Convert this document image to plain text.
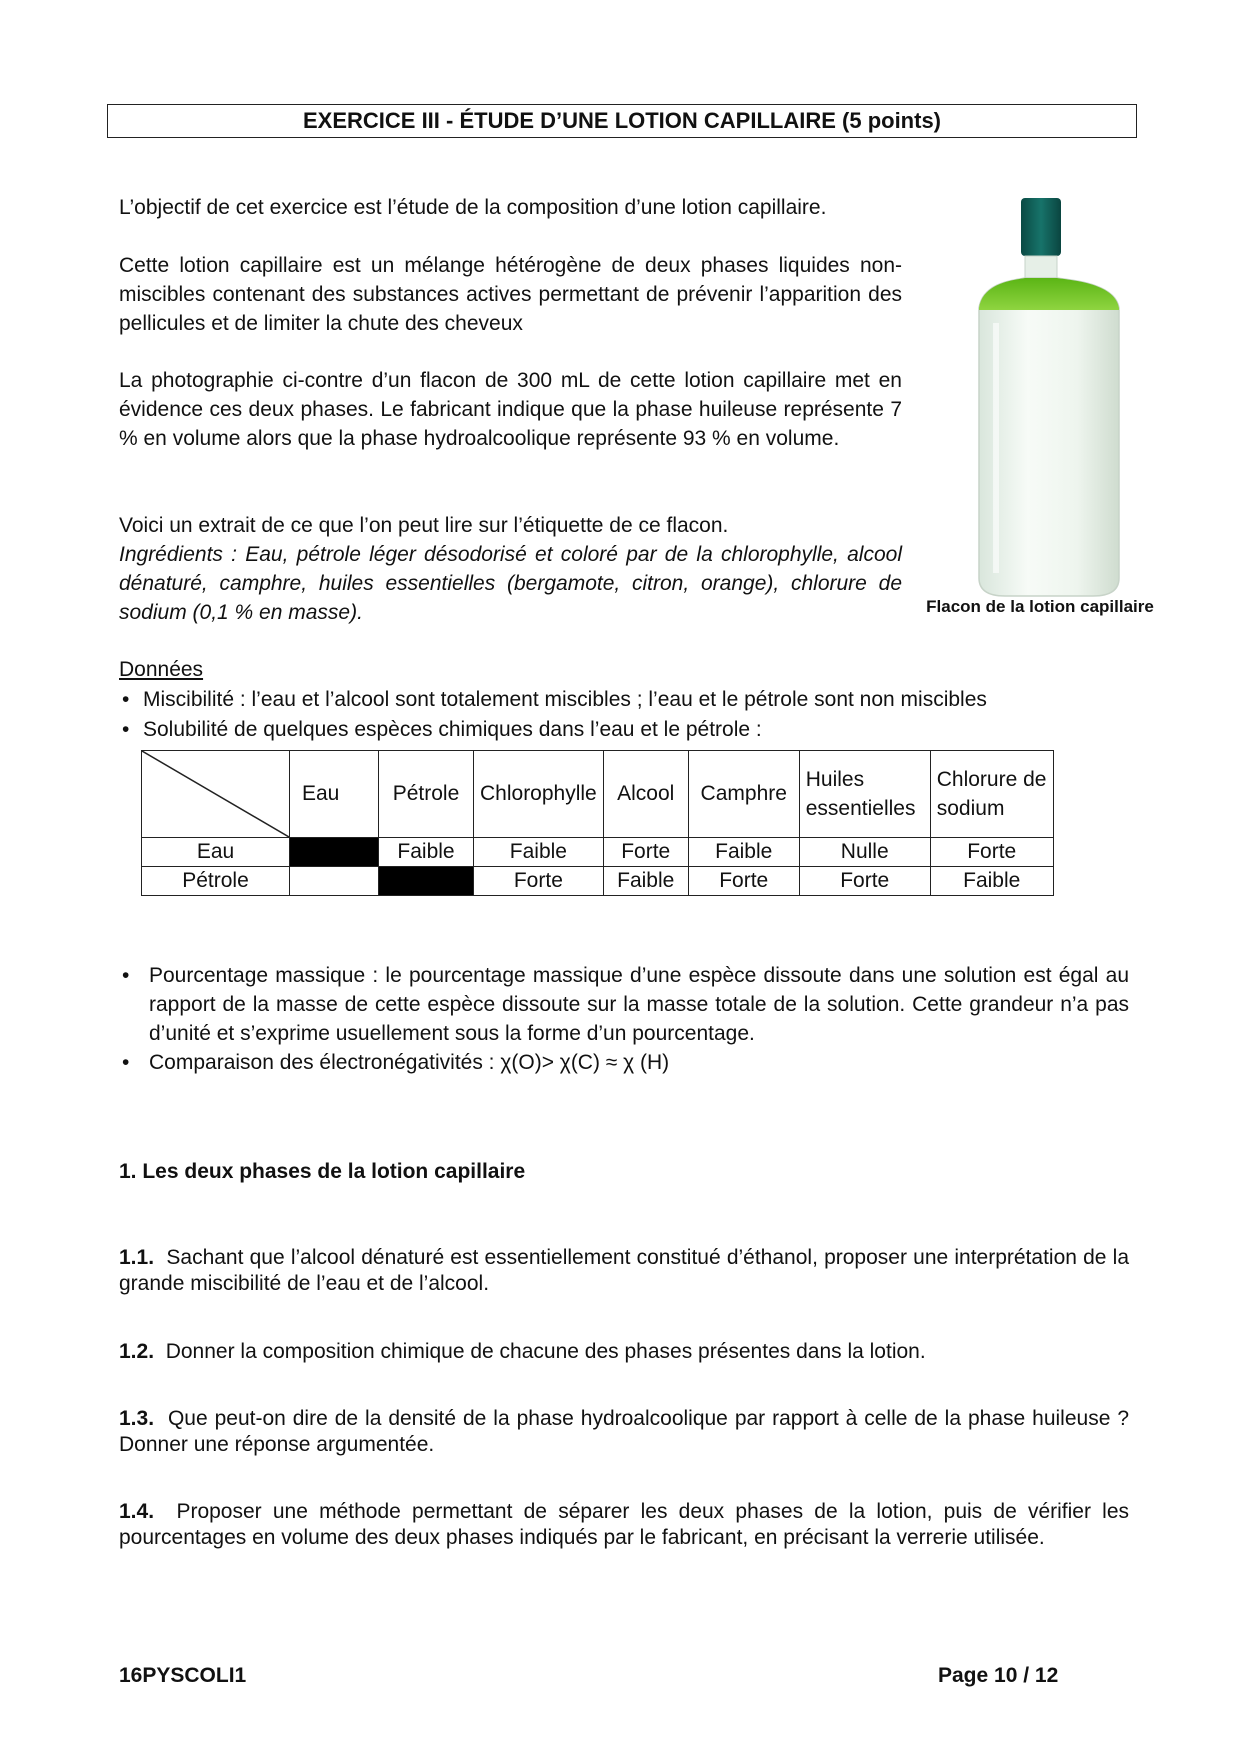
EXERCICE III - ÉTUDE D’UNE LOTION CAPILLAIRE (5 points)
L’objectif de cet exercice est l’étude de la composition d’une lotion capillaire.
Cette lotion capillaire est un mélange hétérogène de deux phases liquides non-miscibles contenant des substances actives permettant de prévenir l’apparition des pellicules et de limiter la chute des cheveux
La photographie ci-contre d’un flacon de 300 mL de cette lotion capillaire met en évidence ces deux phases. Le fabricant indique que la phase huileuse représente 7 % en volume alors que la phase hydroalcoolique représente 93 % en volume.
Voici un extrait de ce que l’on peut lire sur l’étiquette de ce flacon.
Ingrédients : Eau, pétrole léger désodorisé et coloré par de la chlorophylle, alcool dénaturé, camphre, huiles essentielles (bergamote, citron, orange), chlorure de sodium (0,1 % en masse).	Flacon de la lotion capillaire
Données
• Miscibilité : l’eau et l’alcool sont totalement miscibles ; l’eau et le pétrole sont non miscibles
• Solubilité de quelques espèces chimiques dans l’eau et le pétrole :
	Eau	Pétrole	Chlorophylle	Alcool	Camphre	Huiles essentielles	Chlorure de sodium
Eau		Faible	Faible	Forte	Faible	Nulle	Forte
Pétrole			Forte	Faible	Forte	Forte	Faible
• Pourcentage massique : le pourcentage massique d’une espèce dissoute dans une solution est égal au rapport de la masse de cette espèce dissoute sur la masse totale de la solution. Cette grandeur n’a pas d’unité et s’exprime usuellement sous la forme d’un pourcentage.
• Comparaison des électronégativités : χ(O)> χ(C) ≈ χ (H)
1. Les deux phases de la lotion capillaire
1.1. Sachant que l’alcool dénaturé est essentiellement constitué d’éthanol, proposer une interprétation de la grande miscibilité de l’eau et de l’alcool.
1.2. Donner la composition chimique de chacune des phases présentes dans la lotion.
1.3. Que peut-on dire de la densité de la phase hydroalcoolique par rapport à celle de la phase huileuse ? Donner une réponse argumentée.
1.4. Proposer une méthode permettant de séparer les deux phases de la lotion, puis de vérifier les pourcentages en volume des deux phases indiqués par le fabricant, en précisant la verrerie utilisée.
16PYSCOLI1	Page 10 / 12
